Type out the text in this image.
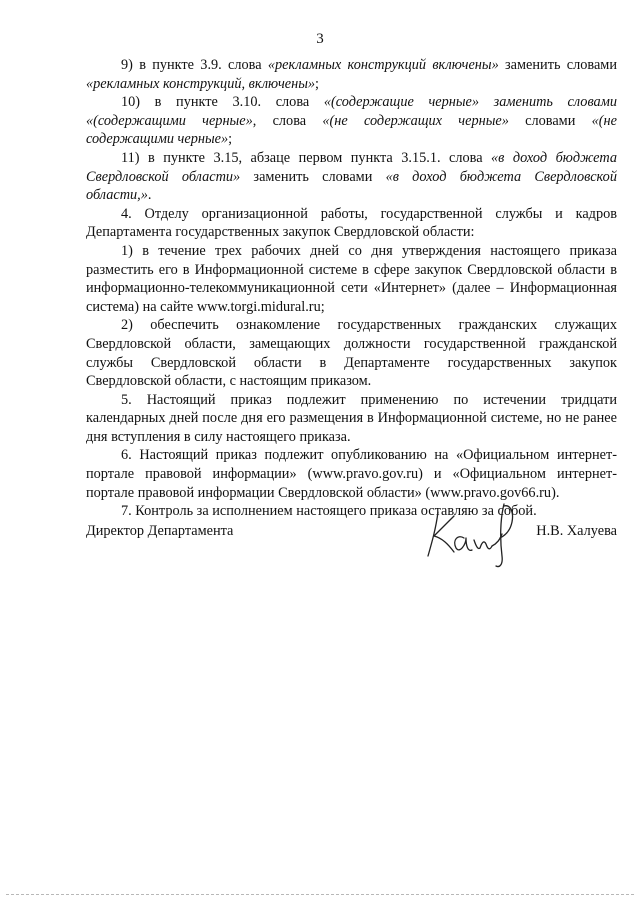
3

9) в пункте 3.9. слова «рекламных конструкций включены» заменить словами «рекламных конструкций, включены»;

10) в пункте 3.10. слова «(содержащие черные» заменить словами «(содержащими черные», слова «(не содержащих черные» словами «(не содержащими черные»;

11) в пункте 3.15, абзаце первом пункта 3.15.1. слова «в доход бюджета Свердловской области» заменить словами «в доход бюджета Свердловской области,».

4. Отделу организационной работы, государственной службы и кадров Департамента государственных закупок Свердловской области:

1) в течение трех рабочих дней со дня утверждения настоящего приказа разместить его в Информационной системе в сфере закупок Свердловской области в информационно-телекоммуникационной сети «Интернет» (далее – Информационная система) на сайте www.torgi.midural.ru;

2) обеспечить ознакомление государственных гражданских служащих Свердловской области, замещающих должности государственной гражданской службы Свердловской области в Департаменте государственных закупок Свердловской области, с настоящим приказом.

5. Настоящий приказ подлежит применению по истечении тридцати календарных дней после дня его размещения в Информационной системе, но не ранее дня вступления в силу настоящего приказа.

6. Настоящий приказ подлежит опубликованию на «Официальном интернет-портале правовой информации» (www.pravo.gov.ru) и «Официальном интернет-портале правовой информации Свердловской области» (www.pravo.gov66.ru).

7. Контроль за исполнением настоящего приказа оставляю за собой.

Директор Департамента	Н.В. Халуева
